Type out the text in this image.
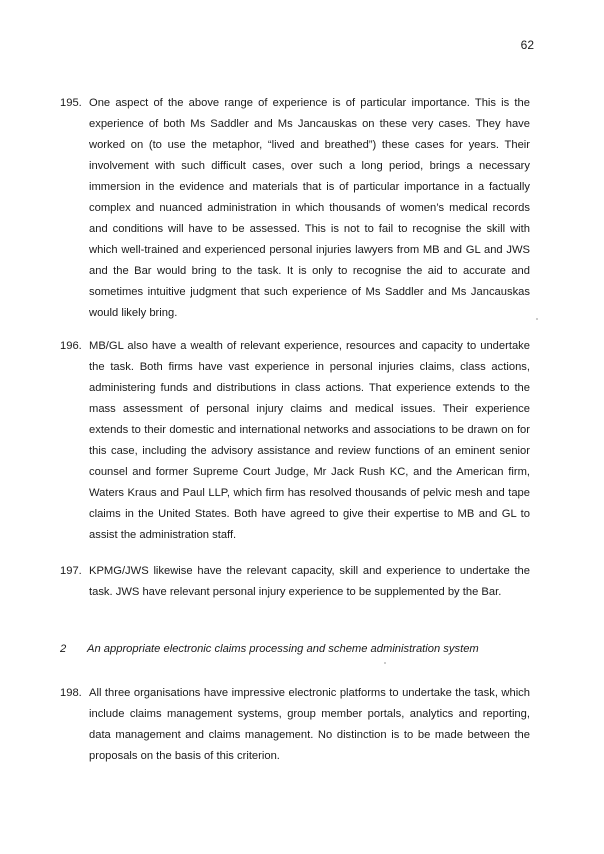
62
195. One aspect of the above range of experience is of particular importance. This is the experience of both Ms Saddler and Ms Jancauskas on these very cases. They have worked on (to use the metaphor, “lived and breathed”) these cases for years. Their involvement with such difficult cases, over such a long period, brings a necessary immersion in the evidence and materials that is of particular importance in a factually complex and nuanced administration in which thousands of women’s medical records and conditions will have to be assessed. This is not to fail to recognise the skill with which well-trained and experienced personal injuries lawyers from MB and GL and JWS and the Bar would bring to the task. It is only to recognise the aid to accurate and sometimes intuitive judgment that such experience of Ms Saddler and Ms Jancauskas would likely bring.
196. MB/GL also have a wealth of relevant experience, resources and capacity to undertake the task. Both firms have vast experience in personal injuries claims, class actions, administering funds and distributions in class actions. That experience extends to the mass assessment of personal injury claims and medical issues. Their experience extends to their domestic and international networks and associations to be drawn on for this case, including the advisory assistance and review functions of an eminent senior counsel and former Supreme Court Judge, Mr Jack Rush KC, and the American firm, Waters Kraus and Paul LLP, which firm has resolved thousands of pelvic mesh and tape claims in the United States. Both have agreed to give their expertise to MB and GL to assist the administration staff.
197. KPMG/JWS likewise have the relevant capacity, skill and experience to undertake the task. JWS have relevant personal injury experience to be supplemented by the Bar.
2 An appropriate electronic claims processing and scheme administration system
198. All three organisations have impressive electronic platforms to undertake the task, which include claims management systems, group member portals, analytics and reporting, data management and claims management. No distinction is to be made between the proposals on the basis of this criterion.
